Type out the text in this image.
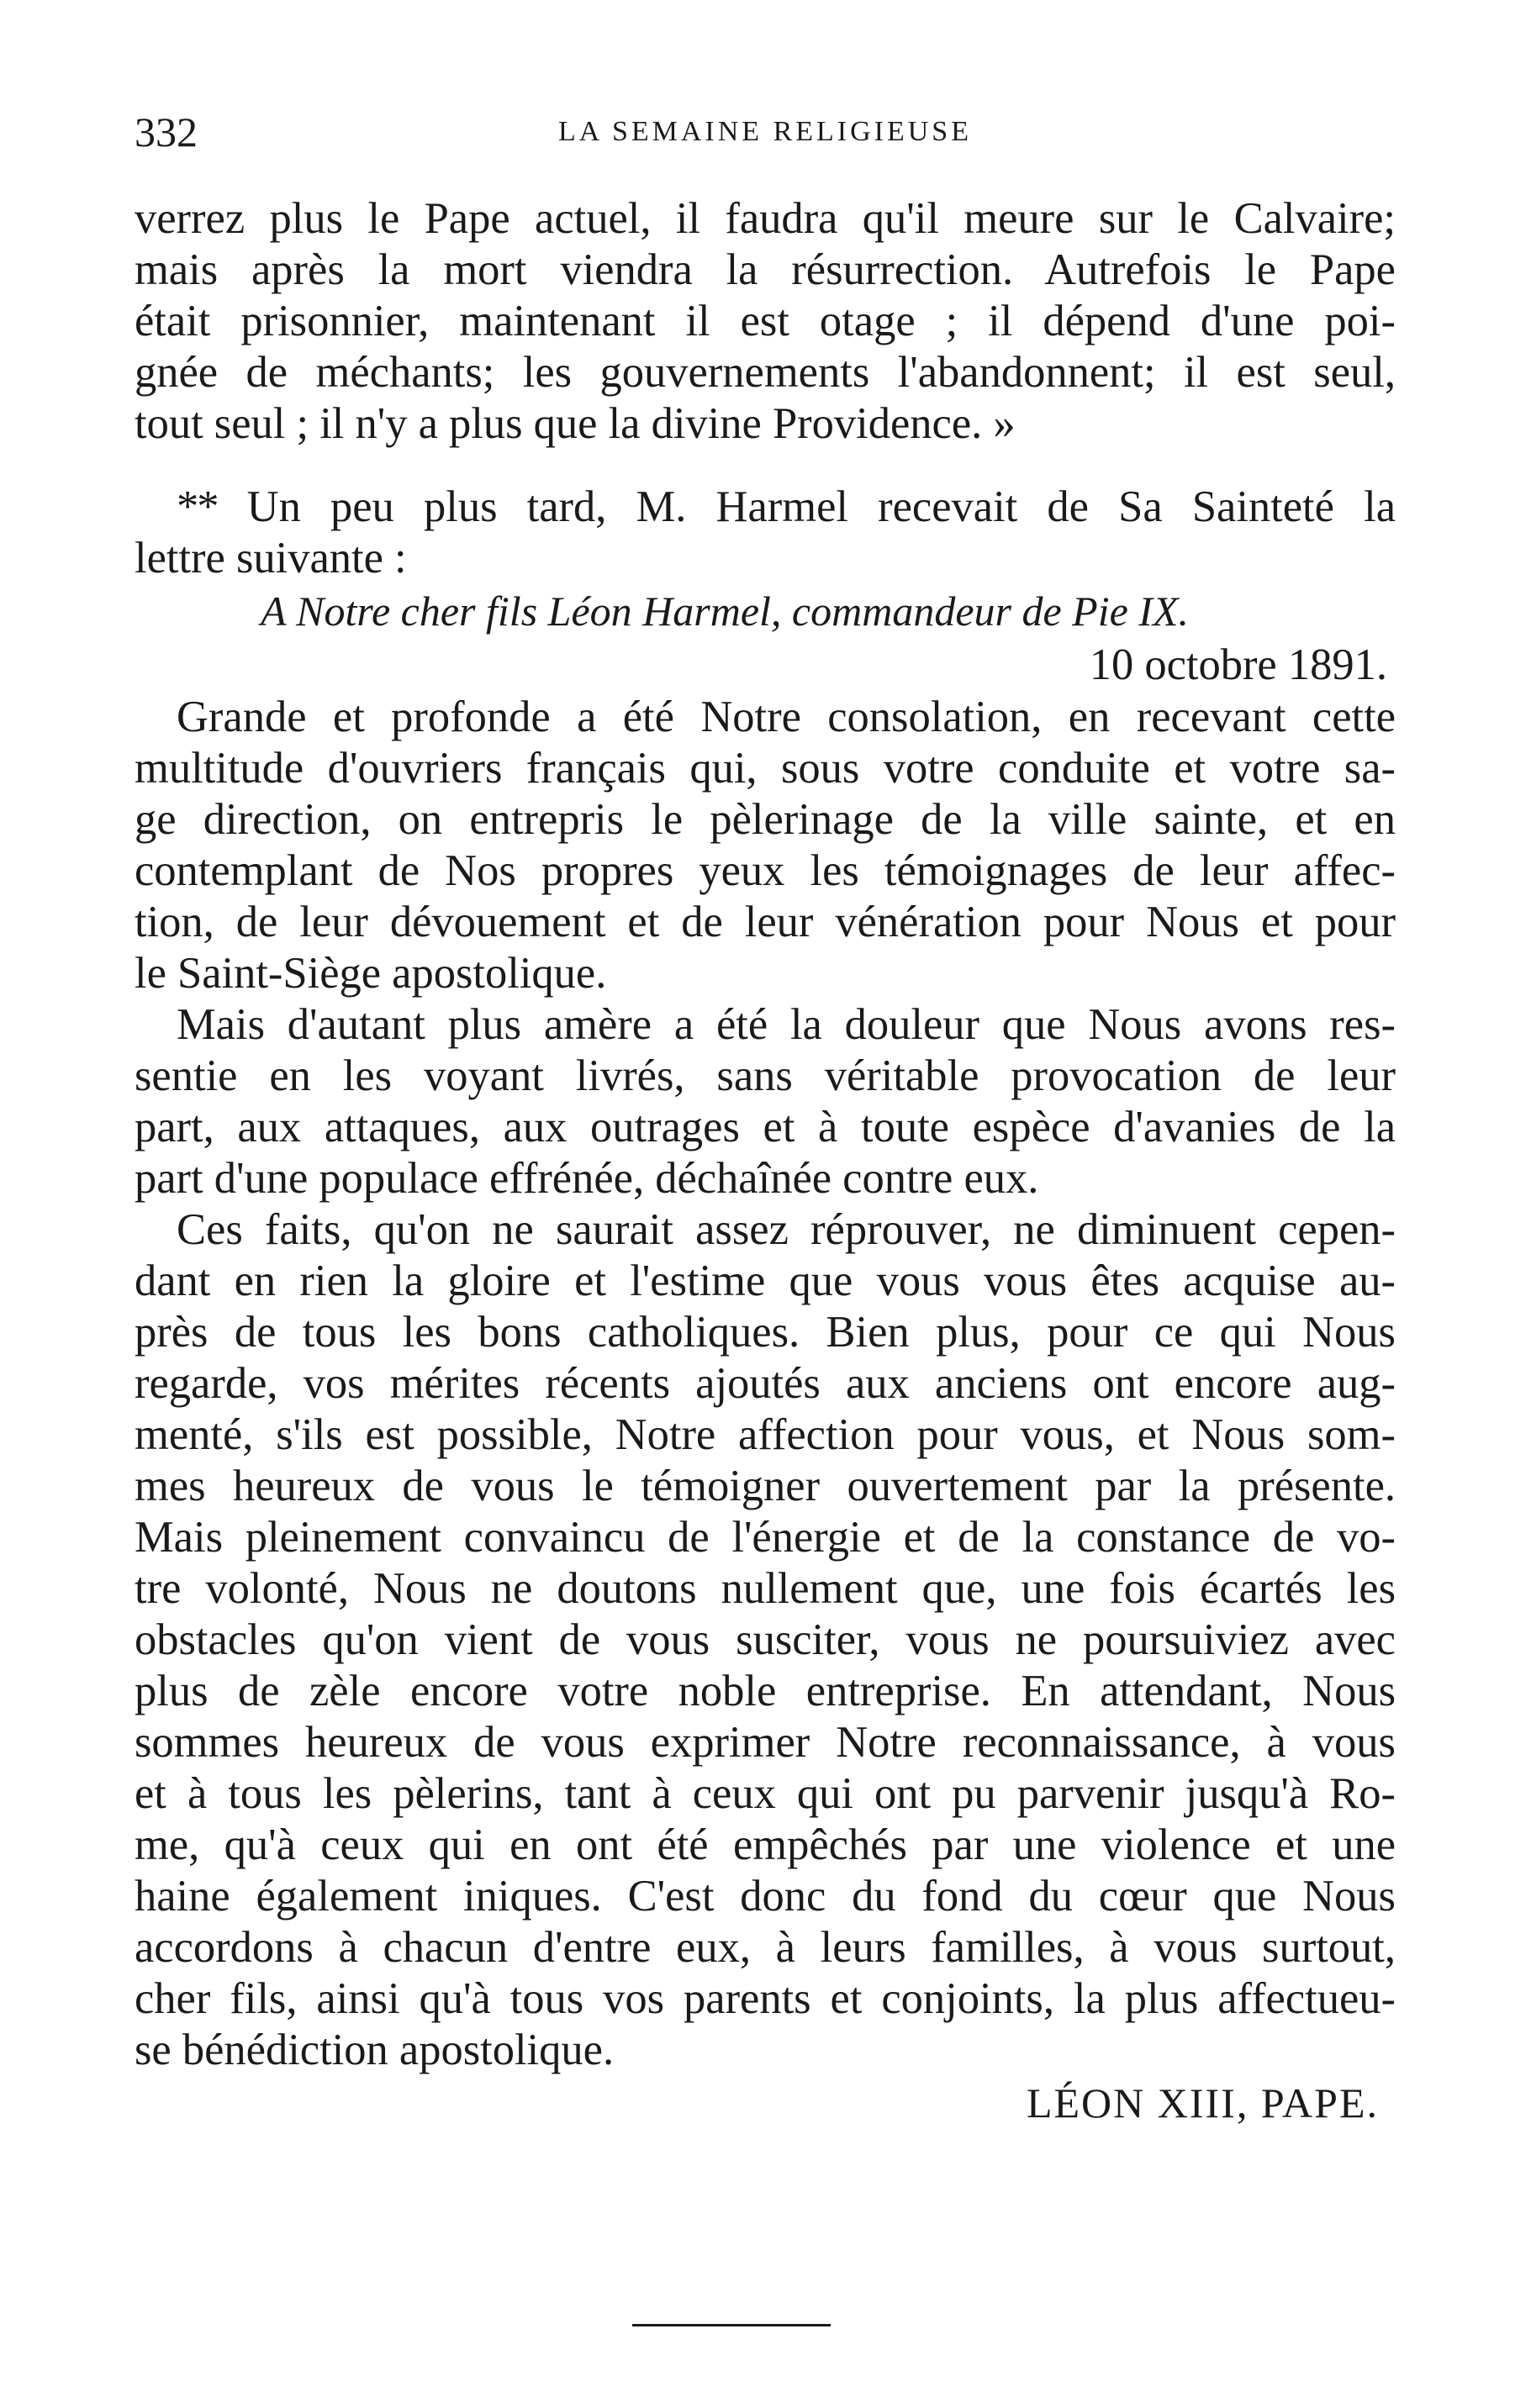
332	LA SEMAINE RELIGIEUSE
verrez plus le Pape actuel, il faudra qu'il meure sur le Calvaire;
mais après la mort viendra la résurrection. Autrefois le Pape
était prisonnier, maintenant il est otage ; il dépend d'une poi-
gnée de méchants; les gouvernements l'abandonnent; il est seul,
tout seul ; il n'y a plus que la divine Providence. »
** Un peu plus tard, M. Harmel recevait de Sa Sainteté la
lettre suivante :
A Notre cher fils Léon Harmel, commandeur de Pie IX.
10 octobre 1891.
Grande et profonde a été Notre consolation, en recevant cette
multitude d'ouvriers français qui, sous votre conduite et votre sa-
ge direction, on entrepris le pèlerinage de la ville sainte, et en
contemplant de Nos propres yeux les témoignages de leur affec-
tion, de leur dévouement et de leur vénération pour Nous et pour
le Saint-Siège apostolique.
Mais d'autant plus amère a été la douleur que Nous avons res-
sentie en les voyant livrés, sans véritable provocation de leur
part, aux attaques, aux outrages et à toute espèce d'avanies de la
part d'une populace effrénée, déchaînée contre eux.
Ces faits, qu'on ne saurait assez réprouver, ne diminuent cepen-
dant en rien la gloire et l'estime que vous vous êtes acquise au-
près de tous les bons catholiques. Bien plus, pour ce qui Nous
regarde, vos mérites récents ajoutés aux anciens ont encore aug-
menté, s'ils est possible, Notre affection pour vous, et Nous som-
mes heureux de vous le témoigner ouvertement par la présente.
Mais pleinement convaincu de l'énergie et de la constance de vo-
tre volonté, Nous ne doutons nullement que, une fois écartés les
obstacles qu'on vient de vous susciter, vous ne poursuiviez avec
plus de zèle encore votre noble entreprise. En attendant, Nous
sommes heureux de vous exprimer Notre reconnaissance, à vous
et à tous les pèlerins, tant à ceux qui ont pu parvenir jusqu'à Ro-
me, qu'à ceux qui en ont été empêchés par une violence et une
haine également iniques. C'est donc du fond du cœur que Nous
accordons à chacun d'entre eux, à leurs familles, à vous surtout,
cher fils, ainsi qu'à tous vos parents et conjoints, la plus affectueu-
se bénédiction apostolique.
LÉON XIII, PAPE.
